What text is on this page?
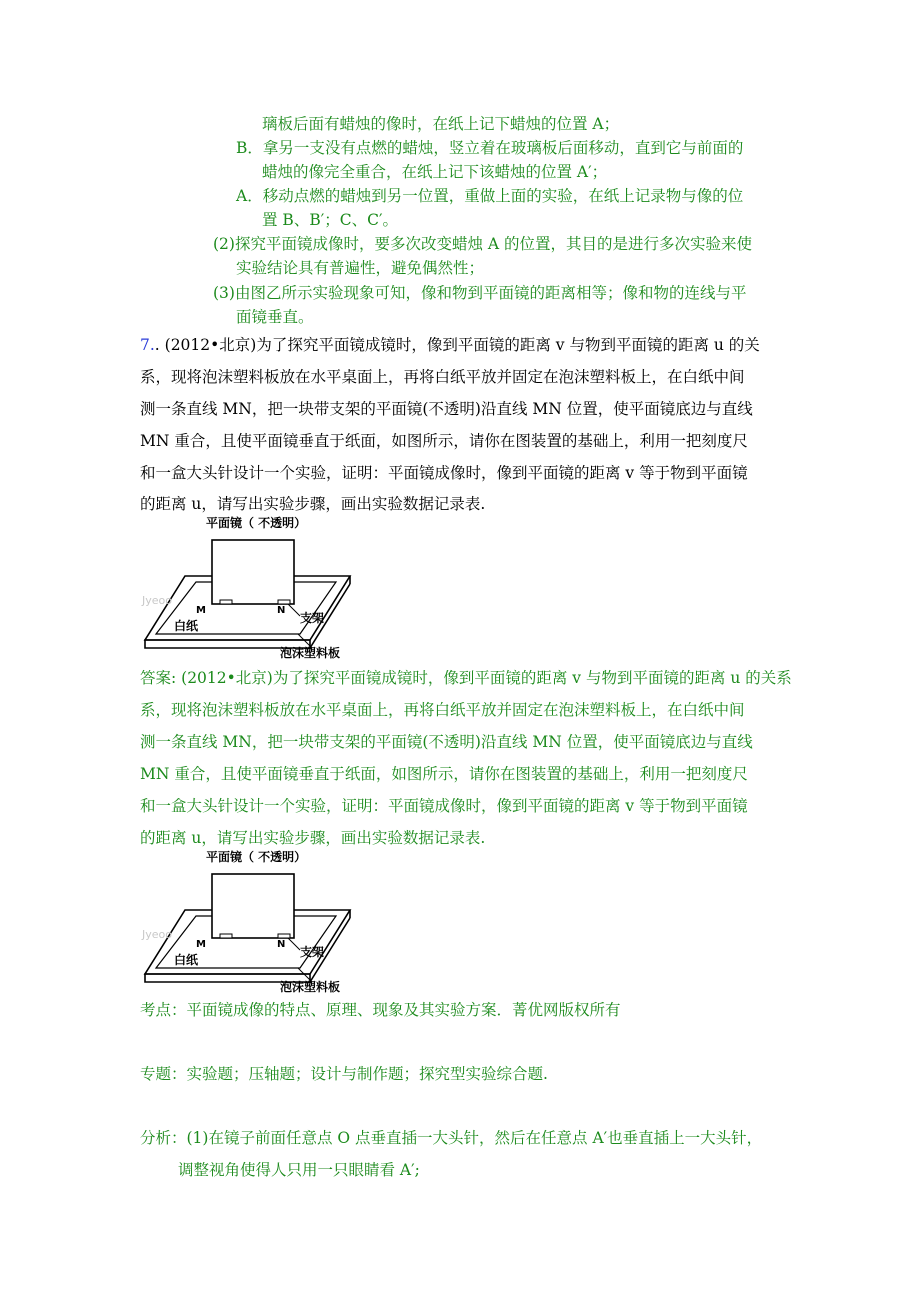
璃板后面有蜡烛的像时，在纸上记下蜡烛的位置 A；
B．拿另一支没有点燃的蜡烛，竖立着在玻璃板后面移动，直到它与前面的
蜡烛的像完全重合，在纸上记下该蜡烛的位置 A′；
A．移动点燃的蜡烛到另一位置，重做上面的实验，在纸上记录物与像的位
置 B、B′；C、C′。
(2)探究平面镜成像时，要多次改变蜡烛 A 的位置，其目的是进行多次实验来使
实验结论具有普遍性，避免偶然性；
(3)由图乙所示实验现象可知，像和物到平面镜的距离相等；像和物的连线与平
面镜垂直。
7.. (2012•北京)为了探究平面镜成镜时，像到平面镜的距离 v 与物到平面镜的距离 u 的关
系，现将泡沫塑料板放在水平桌面上，再将白纸平放并固定在泡沫塑料板上，在白纸中间
测一条直线 MN，把一块带支架的平面镜(不透明)沿直线 MN 位置，使平面镜底边与直线
MN 重合，且使平面镜垂直于纸面，如图所示，请你在图装置的基础上，利用一把刻度尺
和一盒大头针设计一个实验，证明：平面镜成像时，像到平面镜的距离 v 等于物到平面镜
的距离 u，请写出实验步骤，画出实验数据记录表.
平面镜（ 不透明）
M	N
支架
白纸
泡沫塑料板
Jyeoo
答案: (2012•北京)为了探究平面镜成镜时，像到平面镜的距离 v 与物到平面镜的距离 u 的关系
系，现将泡沫塑料板放在水平桌面上，再将白纸平放并固定在泡沫塑料板上，在白纸中间
测一条直线 MN，把一块带支架的平面镜(不透明)沿直线 MN 位置，使平面镜底边与直线
MN 重合，且使平面镜垂直于纸面，如图所示，请你在图装置的基础上，利用一把刻度尺
和一盒大头针设计一个实验，证明：平面镜成像时，像到平面镜的距离 v 等于物到平面镜
的距离 u，请写出实验步骤，画出实验数据记录表.
平面镜（ 不透明）
M	N
支架
白纸
泡沫塑料板
Jyeoo
考点：平面镜成像的特点、原理、现象及其实验方案．菁优网版权所有
专题：实验题；压轴题；设计与制作题；探究型实验综合题.
分析：(1)在镜子前面任意点 O 点垂直插一大头针，然后在任意点 A′也垂直插上一大头针，
调整视角使得人只用一只眼睛看 A′;
